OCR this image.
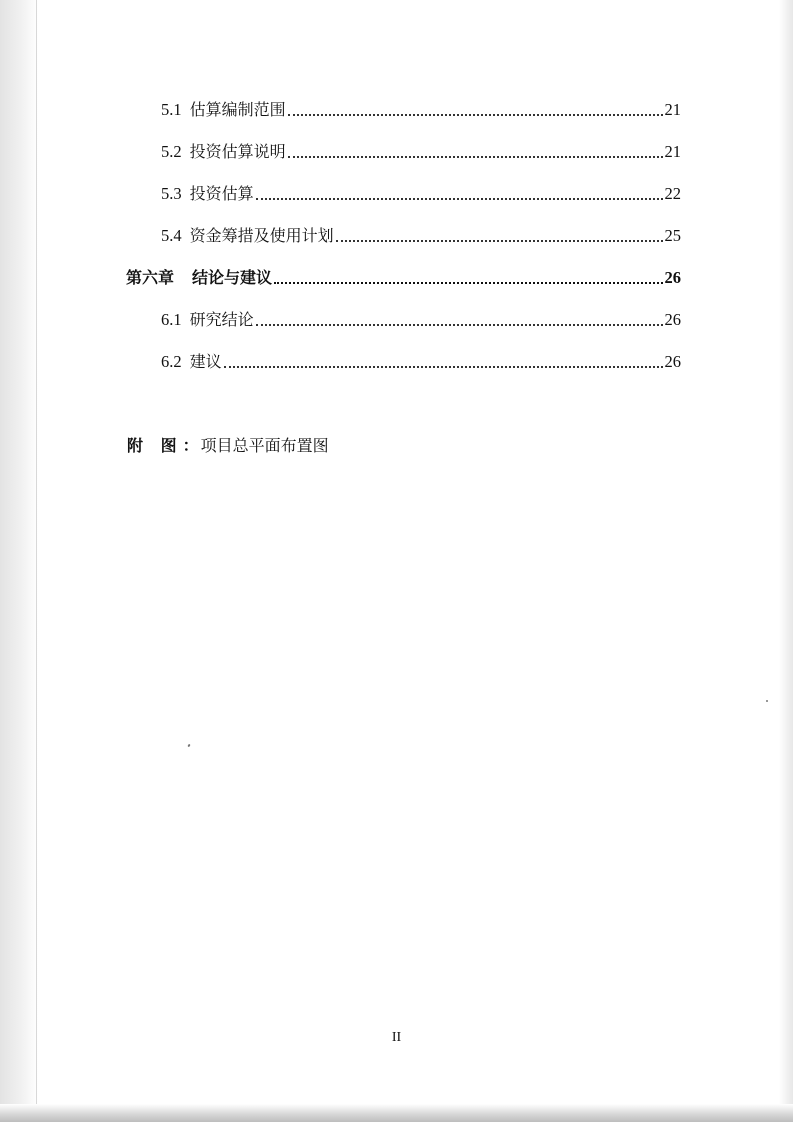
5.1 估算编制范围	21
5.2 投资估算说明	21
5.3 投资估算	22
5.4 资金筹措及使用计划	25
第六章 结论与建议	26
6.1 研究结论	26
6.2 建议	26
附 图： 项目总平面布置图
II
